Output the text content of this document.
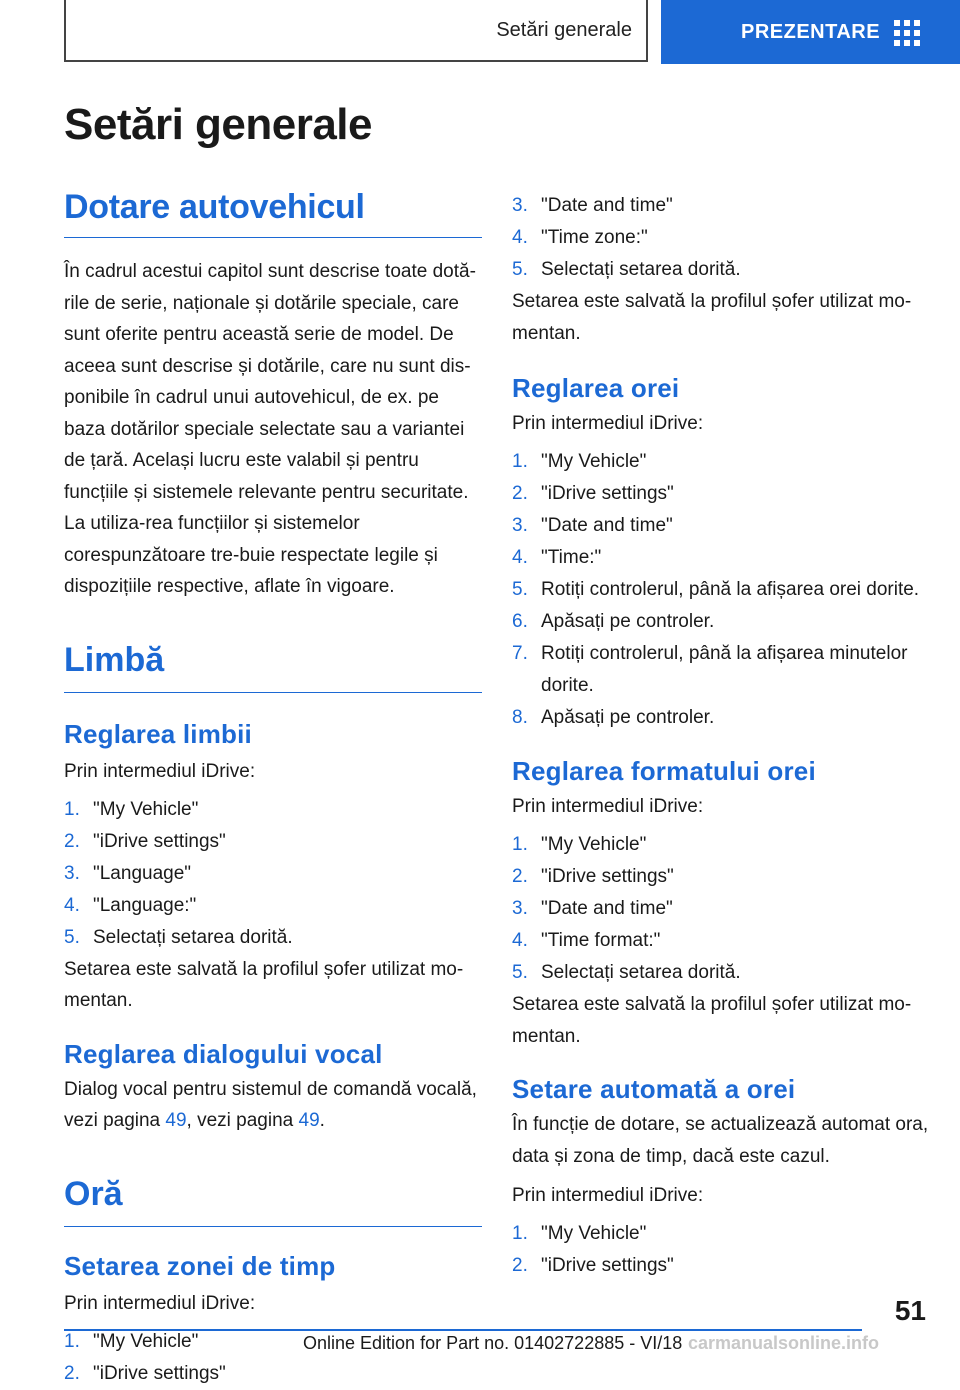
Setări generale	PREZENTARE
Setări generale
Dotare autovehicul

În cadrul acestui capitol sunt descrise toate dotă-rile de serie, naționale și dotările speciale, care sunt oferite pentru această serie de model. De aceea sunt descrise și dotările, care nu sunt dis-ponibile în cadrul unui autovehicul, de ex. pe baza dotărilor speciale selectate sau a variantei de țară. Același lucru este valabil și pentru funcțiile și sistemele relevante pentru securitate. La utiliza-rea funcțiilor și sistemelor corespunzătoare tre-buie respectate legile și dispozițiile respective, aflate în vigoare.

Limbă
Reglarea limbii

Prin intermediul iDrive:

1. "My Vehicle"
2. "iDrive settings"
3. "Language"
4. "Language:"
5. Selectați setarea dorită.

Setarea este salvată la profilul șofer utilizat mo-mentan.

Reglarea dialogului vocal

Dialog vocal pentru sistemul de comandă vocală, vezi pagina 49, vezi pagina 49.

Oră
Setarea zonei de timp

Prin intermediul iDrive:

1. "My Vehicle"
2. "iDrive settings"
3. "Date and time"
4. "Time zone:"
5. Selectați setarea dorită.

Setarea este salvată la profilul șofer utilizat mo-mentan.

Reglarea orei

Prin intermediul iDrive:

1. "My Vehicle"
2. "iDrive settings"
3. "Date and time"
4. "Time:"
5. Rotiți controlerul, până la afișarea orei dorite.
6. Apăsați pe controler.
7. Rotiți controlerul, până la afișarea minutelor dorite.
8. Apăsați pe controler.
Reglarea formatului orei

Prin intermediul iDrive:

1. "My Vehicle"
2. "iDrive settings"
3. "Date and time"
4. "Time format:"
5. Selectați setarea dorită.

Setarea este salvată la profilul șofer utilizat mo-mentan.

Setare automată a orei

În funcție de dotare, se actualizează automat ora, data și zona de timp, dacă este cazul.

Prin intermediul iDrive:

1. "My Vehicle"
2. "iDrive settings"
51
Online Edition for Part no. 01402722885 - VI/18 carmanualsonline.info
